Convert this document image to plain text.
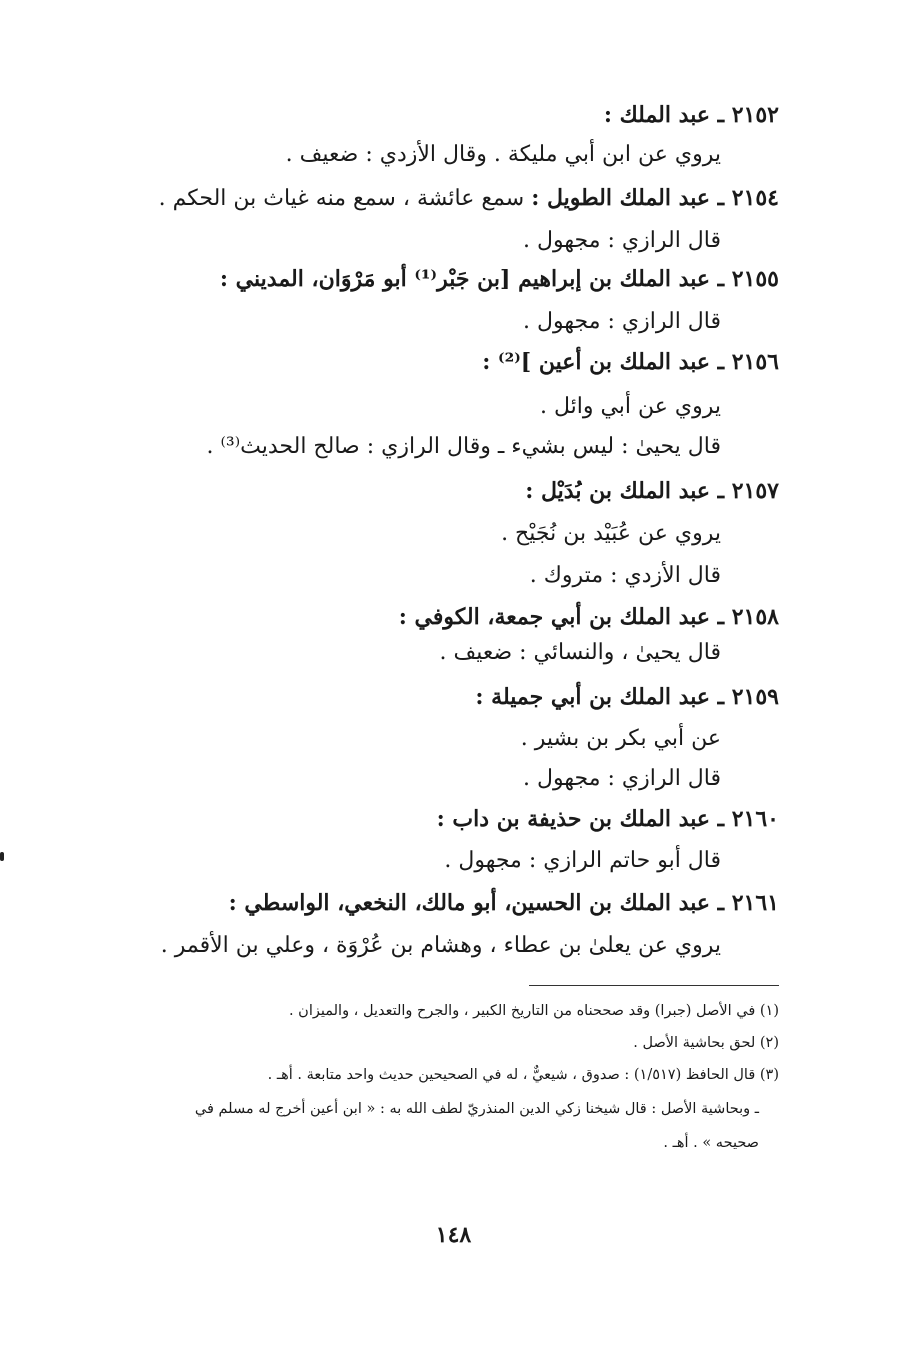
٢١٥٢ ـ عبد الملك :
يروي عن ابن أبي مليكة . وقال الأزدي : ضعيف .
٢١٥٤ ـ عبد الملك الطويل : سمع عائشة ، سمع منه غياث بن الحكم .
قال الرازي : مجهول .
٢١٥٥ ـ عبد الملك بن إبراهيم [بن جَبْر⁽¹⁾ أبو مَرْوَان، المديني :
قال الرازي : مجهول .
٢١٥٦ ـ عبد الملك بن أعين ]⁽²⁾ :
يروي عن أبي وائل .
قال يحيىٰ : ليس بشيء ـ وقال الرازي : صالح الحديث⁽³⁾ .
٢١٥٧ ـ عبد الملك بن بُدَيْل :
يروي عن عُبَيْد بن نُجَيْح .
قال الأزدي : متروك .
٢١٥٨ ـ عبد الملك بن أبي جمعة، الكوفي :
قال يحيىٰ ، والنسائي : ضعيف .
٢١٥٩ ـ عبد الملك بن أبي جميلة :
عن أبي بكر بن بشير .
قال الرازي : مجهول .
٢١٦٠ ـ عبد الملك بن حذيفة بن داب :
قال أبو حاتم الرازي : مجهول .
٢١٦١ ـ عبد الملك بن الحسين، أبو مالك، النخعي، الواسطي :
يروي عن يعلىٰ بن عطاء ، وهشام بن عُرْوَة ، وعلي بن الأقمر .
(١) في الأصل (جبرا) وقد صححناه من التاريخ الكبير ، والجرح والتعديل ، والميزان .
(٢) لحق بحاشية الأصل .
(٣) قال الحافظ (١/٥١٧) : صدوق ، شيعيٌّ ، له في الصحيحين حديث واحد متابعة . أهـ .
ـ وبحاشية الأصل : قال شيخنا زكي الدين المنذريّ لطف الله به : « ابن أعين أخرج له مسلم في
صحيحه » . أهـ .
١٤٨
